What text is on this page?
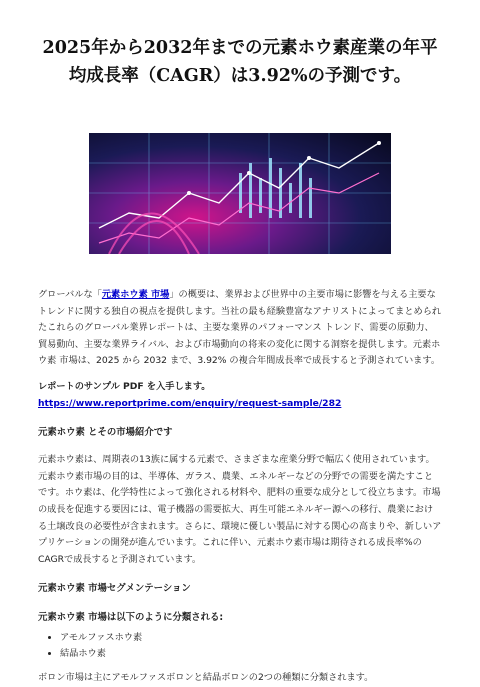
2025年から2032年までの元素ホウ素産業の年平均成長率（CAGR）は3.92%の予測です。

グローバルな「元素ホウ素 市場」の概要は、業界および世界中の主要市場に影響を与える主要なトレンドに関する独自の視点を提供します。当社の最も経験豊富なアナリストによってまとめられたこれらのグローバル業界レポートは、主要な業界のパフォーマンス トレンド、需要の原動力、貿易動向、主要な業界ライバル、および市場動向の将来の変化に関する洞察を提供します。元素ホウ素 市場は、2025 から 2032 まで、3.92% の複合年間成長率で成長すると予測されています。

レポートのサンプル PDF を入手します。 https://www.reportprime.com/enquiry/request-sample/282

元素ホウ素 とその市場紹介です

元素ホウ素は、周期表の13族に属する元素で、さまざまな産業分野で幅広く使用されています。元素ホウ素市場の目的は、半導体、ガラス、農業、エネルギーなどの分野での需要を満たすことです。ホウ素は、化学特性によって強化される材料や、肥料の重要な成分として役立ちます。市場の成長を促進する要因には、電子機器の需要拡大、再生可能エネルギー源への移行、農業における土壌改良の必要性が含まれます。さらに、環境に優しい製品に対する関心の高まりや、新しいアプリケーションの開発が進んでいます。これに伴い、元素ホウ素市場は期待される成長率%のCAGRで成長すると予測されています。

元素ホウ素 市場セグメンテーション
元素ホウ素 市場は以下のように分類される:
• アモルファスホウ素
• 結晶ホウ素

ボロン市場は主にアモルファスボロンと結晶ボロンの2つの種類に分類されます。
